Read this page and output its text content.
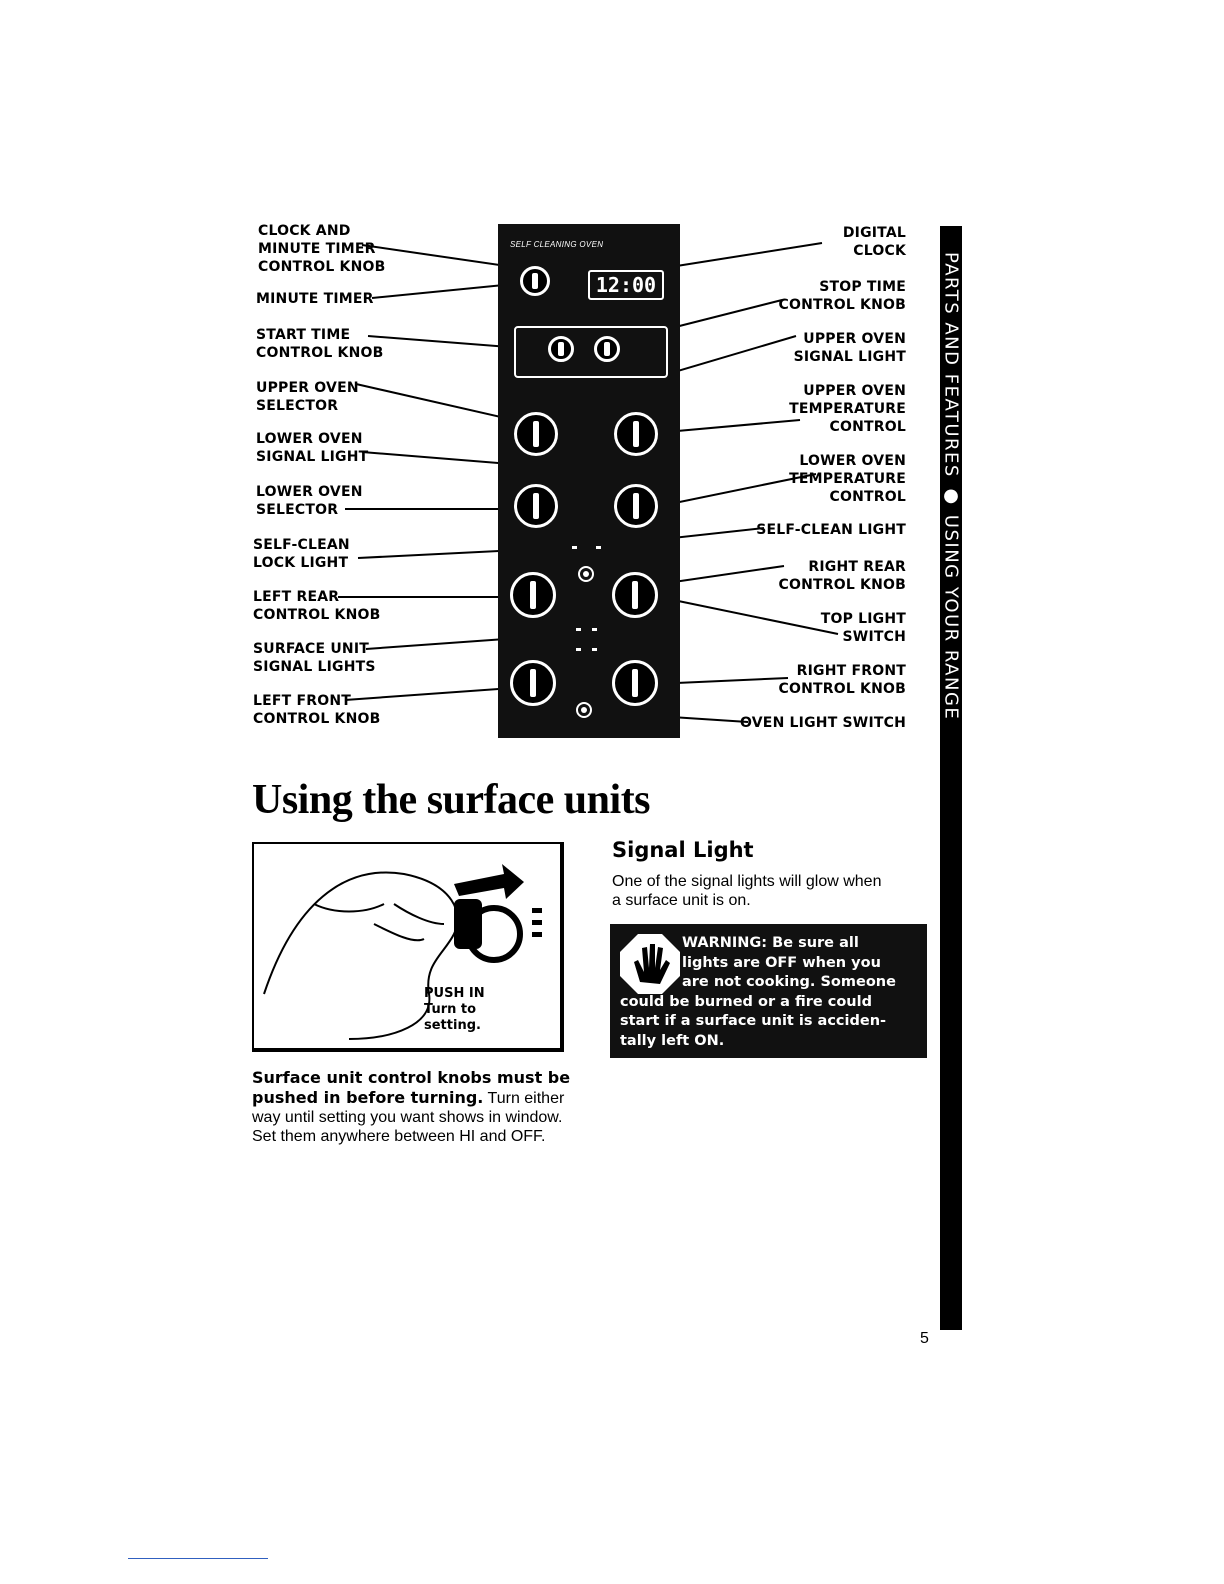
SELF CLEANING OVEN
12:00
CLOCK AND
MINUTE TIMER
CONTROL KNOB
MINUTE TIMER
START TIME
CONTROL KNOB
UPPER OVEN
SELECTOR
LOWER OVEN
SIGNAL LIGHT
LOWER OVEN
SELECTOR
SELF-CLEAN
LOCK LIGHT
LEFT REAR
CONTROL KNOB
SURFACE UNIT
SIGNAL LIGHTS
LEFT FRONT
CONTROL KNOB
DIGITAL
CLOCK
STOP TIME
CONTROL KNOB
UPPER OVEN
SIGNAL LIGHT
UPPER OVEN
TEMPERATURE
CONTROL
LOWER OVEN
TEMPERATURE
CONTROL
SELF-CLEAN LIGHT
RIGHT REAR
CONTROL KNOB
TOP LIGHT
SWITCH
RIGHT FRONT
CONTROL KNOB
OVEN LIGHT SWITCH
PARTS AND FEATURES ● USING YOUR RANGE
Using the surface units
PUSH IN
Turn to
setting.
Surface unit control knobs must be pushed in before turning. Turn either way until setting you want shows in window. Set them anywhere between HI and OFF.
Signal Light
One of the signal lights will glow when a surface unit is on.
WARNING: Be sure all
lights are OFF when you
are not cooking. Someone
could be burned or a fire could
start if a surface unit is acciden-
tally left ON.
5
